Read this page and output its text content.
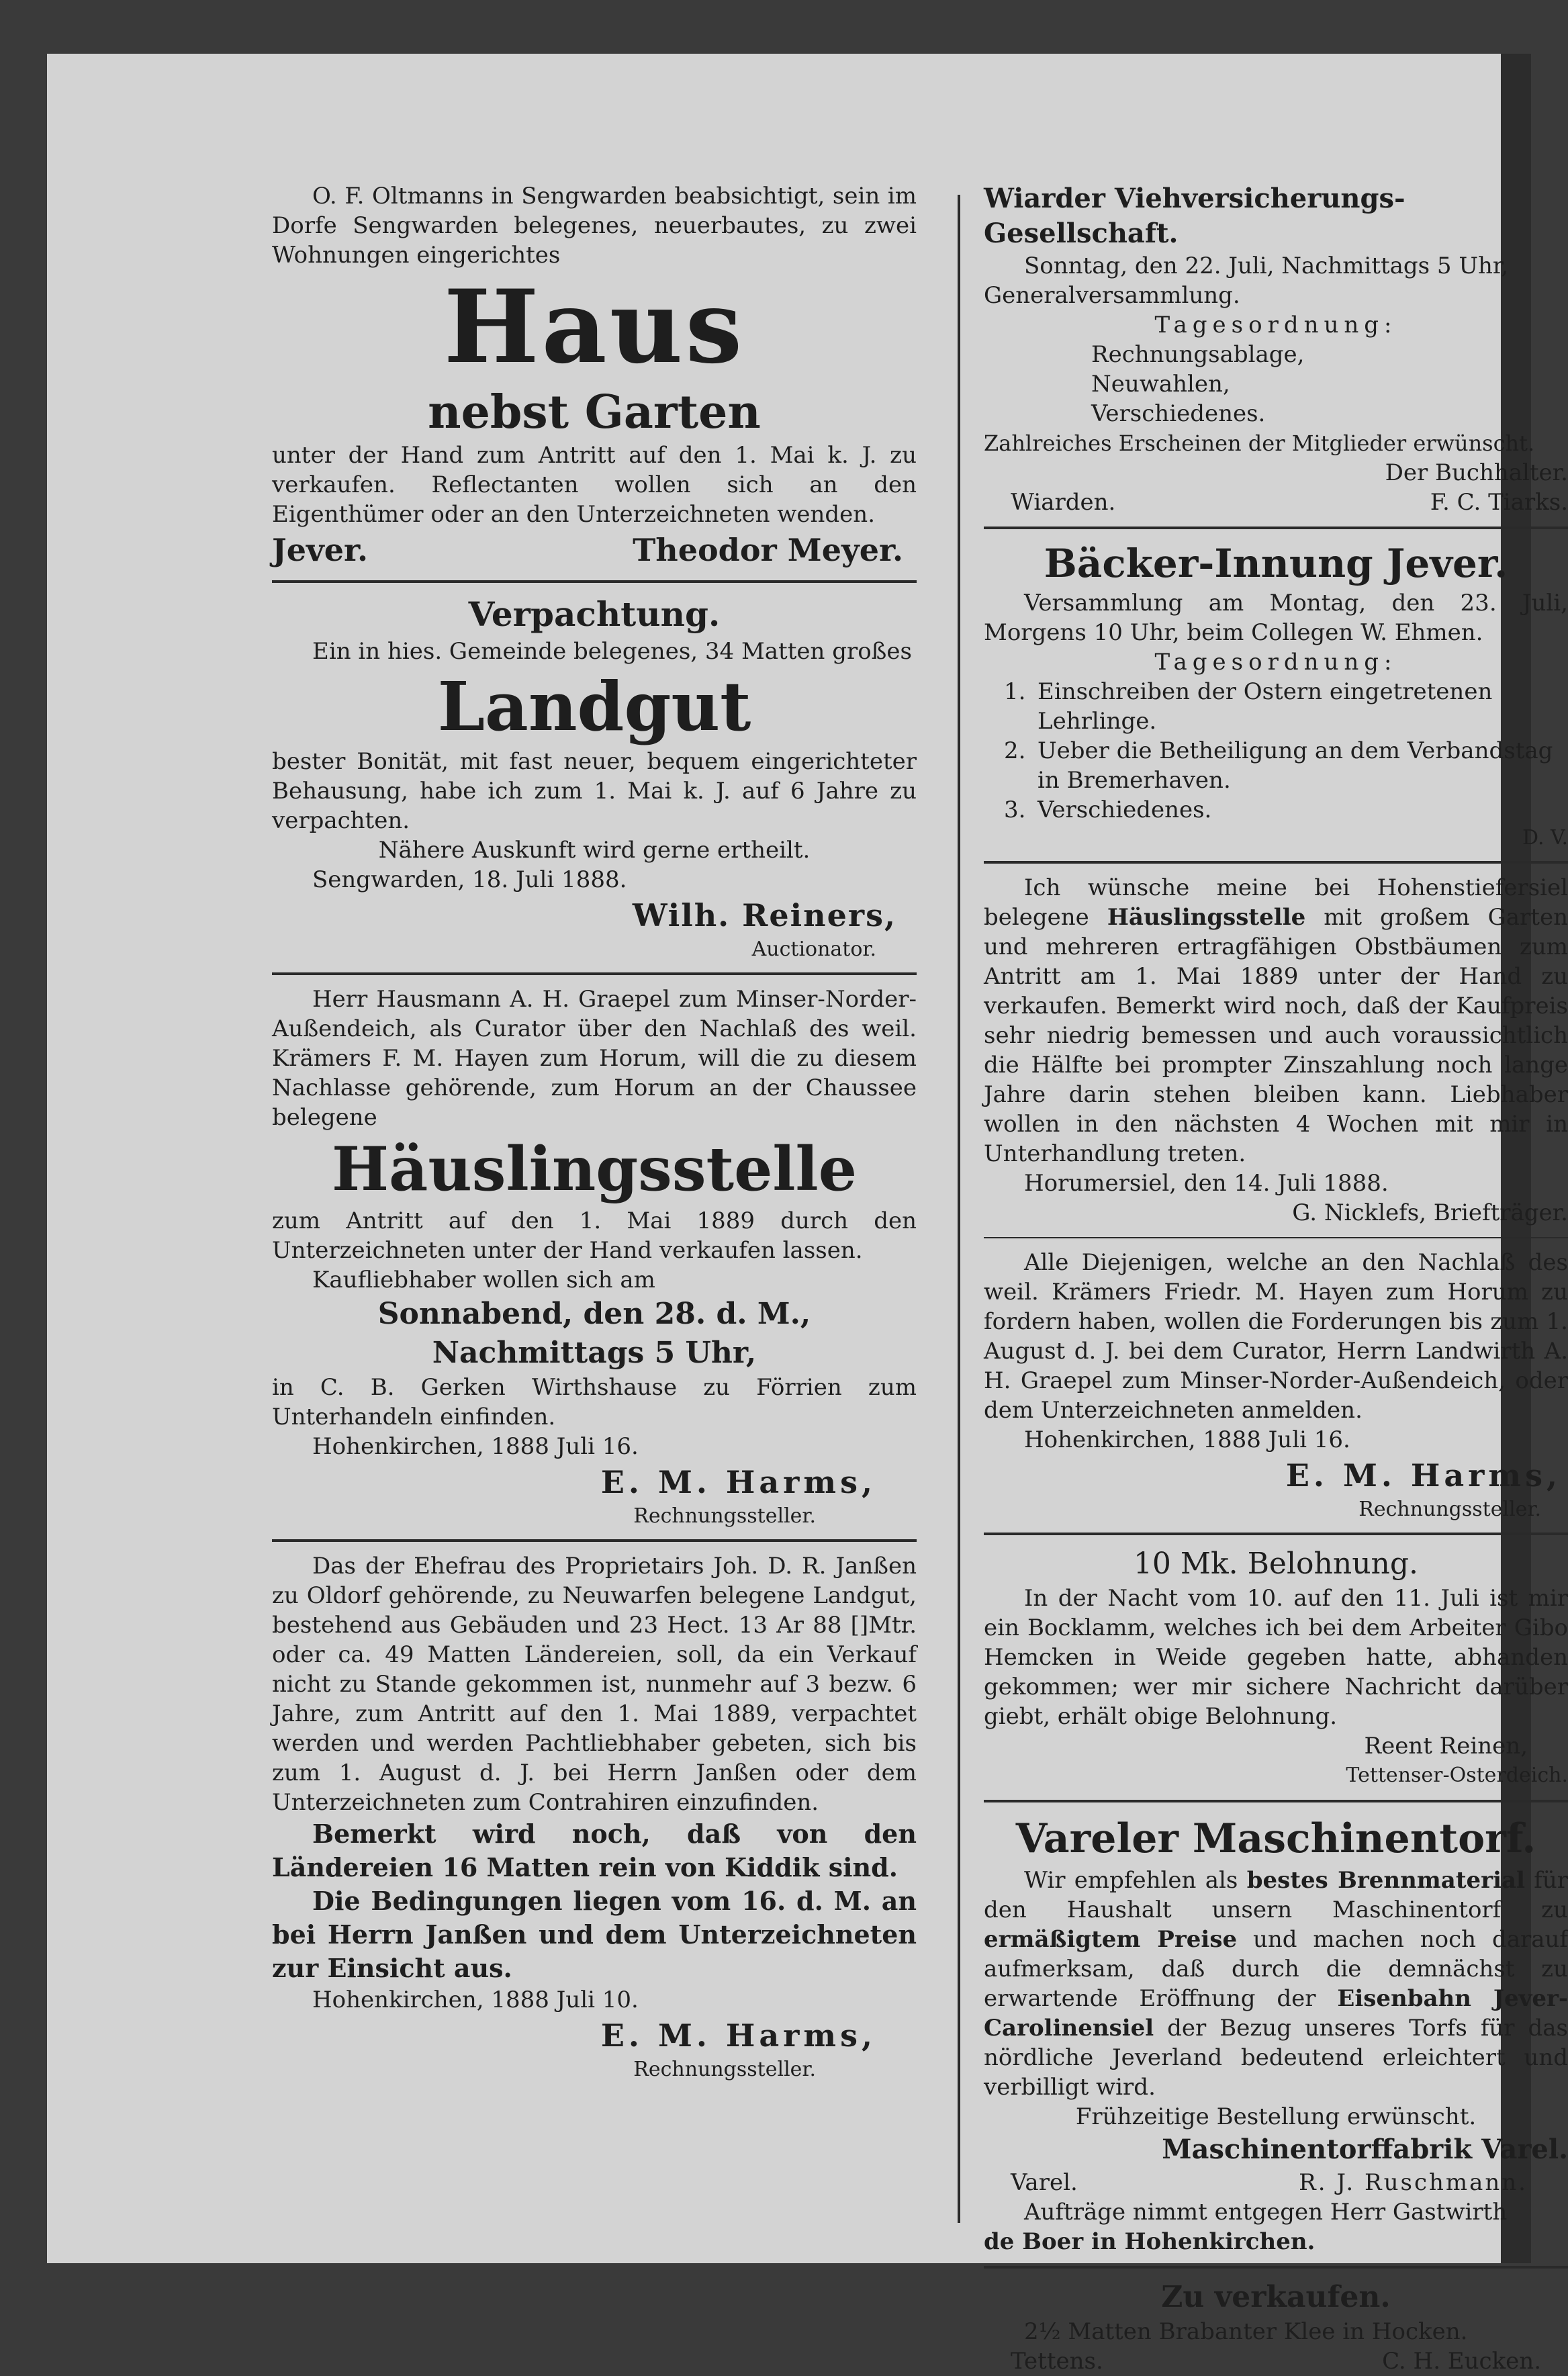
O. F. Oltmanns in Sengwarden beabsichtigt, sein im Dorfe Sengwarden belegenes, neuerbautes, zu zwei Wohnungen eingerichtes

Haus

nebst Garten

unter der Hand zum Antritt auf den 1. Mai k. J. zu verkaufen. Reflectanten wollen sich an den Eigenthümer oder an den Unterzeichneten wenden.

Jever.	Theodor Meyer.

Verpachtung.

Ein in hies. Gemeinde belegenes, 34 Matten großes

Landgut

bester Bonität, mit fast neuer, bequem eingerichteter Behausung, habe ich zum 1. Mai k. J. auf 6 Jahre zu verpachten.

Nähere Auskunft wird gerne ertheilt.

Sengwarden, 18. Juli 1888.

Wilh. Reiners,

Auctionator.

Herr Hausmann A. H. Graepel zum Minser-Norder-Außendeich, als Curator über den Nachlaß des weil. Krämers F. M. Hayen zum Horum, will die zu diesem Nachlasse gehörende, zum Horum an der Chaussee belegene

Häuslingsstelle

zum Antritt auf den 1. Mai 1889 durch den Unterzeichneten unter der Hand verkaufen lassen.

Kaufliebhaber wollen sich am

Sonnabend, den 28. d. M.,

Nachmittags 5 Uhr,

in C. B. Gerken Wirthshause zu Förrien zum Unterhandeln einfinden.

Hohenkirchen, 1888 Juli 16.

E. M. Harms,

Rechnungssteller.

Das der Ehefrau des Proprietairs Joh. D. R. Janßen zu Oldorf gehörende, zu Neuwarfen belegene Landgut, bestehend aus Gebäuden und 23 Hect. 13 Ar 88 []Mtr. oder ca. 49 Matten Ländereien, soll, da ein Verkauf nicht zu Stande gekommen ist, nunmehr auf 3 bezw. 6 Jahre, zum Antritt auf den 1. Mai 1889, verpachtet werden und werden Pachtliebhaber gebeten, sich bis zum 1. August d. J. bei Herrn Janßen oder dem Unterzeichneten zum Contrahiren einzufinden.

Bemerkt wird noch, daß von den Ländereien 16 Matten rein von Kiddik sind.

Die Bedingungen liegen vom 16. d. M. an bei Herrn Janßen und dem Unterzeichneten zur Einsicht aus.

Hohenkirchen, 1888 Juli 10.

E. M. Harms,

Rechnungssteller.

Wiarder Viehversicherungs-Gesellschaft.

Sonntag, den 22. Juli, Nachmittags 5 Uhr,

Generalversammlung.

Tagesordnung:

Rechnungsablage,

Neuwahlen,

Verschiedenes.

Zahlreiches Erscheinen der Mitglieder erwünscht.

Der Buchhalter.

Wiarden.	F. C. Tiarks.

Bäcker-Innung Jever.

Versammlung am Montag, den 23. Juli, Morgens 10 Uhr, beim Collegen W. Ehmen.

Tagesordnung:

1. Einschreiben der Ostern eingetretenen Lehrlinge.
2. Ueber die Betheiligung an dem Verbandstag in Bremerhaven.
3. Verschiedenes.

D. V.

Ich wünsche meine bei Hohenstiefersiel belegene Häuslingsstelle mit großem Garten und mehreren ertragfähigen Obstbäumen zum Antritt am 1. Mai 1889 unter der Hand zu verkaufen. Bemerkt wird noch, daß der Kaufpreis sehr niedrig bemessen und auch voraussichtlich die Hälfte bei prompter Zinszahlung noch lange Jahre darin stehen bleiben kann. Liebhaber wollen in den nächsten 4 Wochen mit mir in Unterhandlung treten.

Horumersiel, den 14. Juli 1888.

G. Nicklefs, Briefträger.

Alle Diejenigen, welche an den Nachlaß des weil. Krämers Friedr. M. Hayen zum Horum zu fordern haben, wollen die Forderungen bis zum 1. August d. J. bei dem Curator, Herrn Landwirth A. H. Graepel zum Minser-Norder-Außendeich, oder dem Unterzeichneten anmelden.

Hohenkirchen, 1888 Juli 16.

E. M. Harms,

Rechnungssteller.

10 Mk. Belohnung.

In der Nacht vom 10. auf den 11. Juli ist mir ein Bocklamm, welches ich bei dem Arbeiter Gibo Hemcken in Weide gegeben hatte, abhanden gekommen; wer mir sichere Nachricht darüber giebt, erhält obige Belohnung.

Reent Reinen,

Tettenser-Osterdeich.

Vareler Maschinentorf.

Wir empfehlen als bestes Brennmaterial für den Haushalt unsern Maschinentorf zu ermäßigtem Preise und machen noch darauf aufmerksam, daß durch die demnächst zu erwartende Eröffnung der Eisenbahn Jever-Carolinensiel der Bezug unseres Torfs für das nördliche Jeverland bedeutend erleichtert und verbilligt wird.

Frühzeitige Bestellung erwünscht.

Maschinentorffabrik Varel.

Varel.	R. J. Ruschmann.

Aufträge nimmt entgegen Herr Gastwirth

de Boer in Hohenkirchen.

Zu verkaufen.

2½ Matten Brabanter Klee in Hocken.

Tettens.	C. H. Eucken.
